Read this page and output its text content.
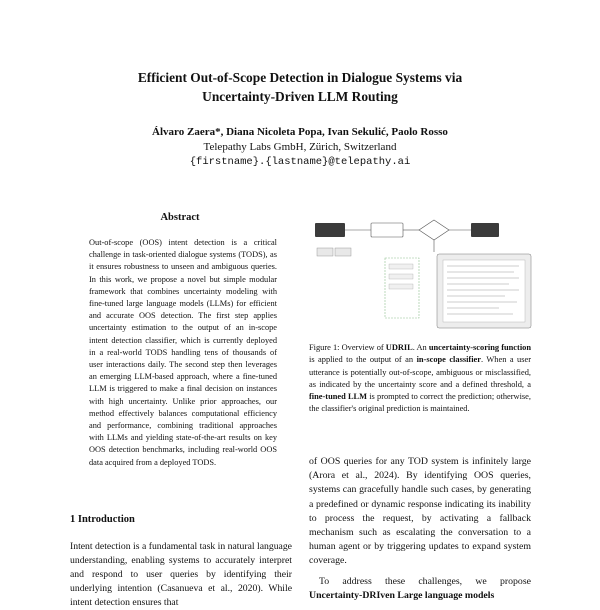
Efficient Out-of-Scope Detection in Dialogue Systems via
Uncertainty-Driven LLM Routing
Álvaro Zaera*, Diana Nicoleta Popa, Ivan Sekulić, Paolo Rosso
Telepathy Labs GmbH, Zürich, Switzerland
{firstname}.{lastname}@telepathy.ai
Abstract
Out-of-scope (OOS) intent detection is a critical challenge in task-oriented dialogue systems (TODS), as it ensures robustness to unseen and ambiguous queries. In this work, we propose a novel but simple modular framework that combines uncertainty modeling with fine-tuned large language models (LLMs) for efficient and accurate OOS detection. The first step applies uncertainty estimation to the output of an in-scope intent detection classifier, which is currently deployed in a real-world TODS handling tens of thousands of user interactions daily. The second step then leverages an emerging LLM-based approach, where a fine-tuned LLM is triggered to make a final decision on instances with high uncertainty. Unlike prior approaches, our method effectively balances computational efficiency and performance, combining traditional approaches with LLMs and yielding state-of-the-art results on key OOS detection benchmarks, including real-world OOS data acquired from a deployed TODS.
1 Introduction
Intent detection is a fundamental task in natural language understanding, enabling systems to accurately interpret and respond to user queries by identifying their underlying intention (Casanueva et al., 2020). While intent detection ensures that
Figure 1: Overview of UDRIL. An uncertainty-scoring function is applied to the output of an in-scope classifier. When a user utterance is potentially out-of-scope, ambiguous or misclassified, as indicated by the uncertainty score and a defined threshold, a fine-tuned LLM is prompted to correct the prediction; otherwise, the classifier's original prediction is maintained.

of OOS queries for any TOD system is infinitely large (Arora et al., 2024). By identifying OOS queries, systems can gracefully handle such cases, by generating a predefined or dynamic response indicating its inability to process the request, by activating a fallback mechanism such as escalating the conversation to a human agent or by triggering updates to expand system coverage.

To address these challenges, we propose Uncertainty-DRIven Large language models
